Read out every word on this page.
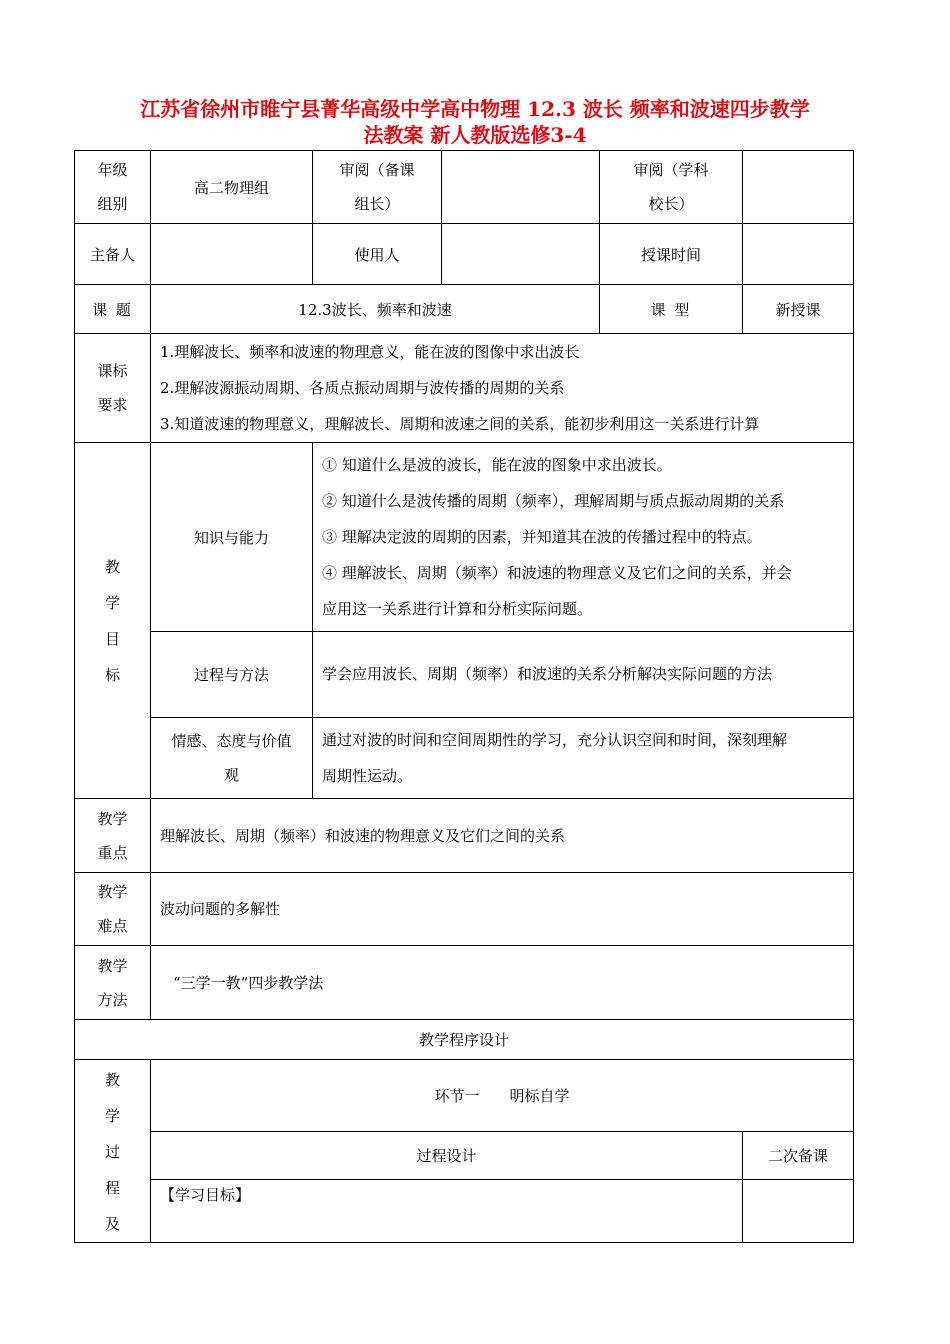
江苏省徐州市睢宁县菁华高级中学高中物理 12.3 波长 频率和波速四步教学
法教案 新人教版选修3-4
年级组别	高二物理组	审阅（备课组长）		审阅（学科校长）	

主备人		使用人		授课时间	
课 题	12.3波长、频率和波速			课 型	新授课

课标要求	1.理解波长、频率和波速的物理意义，能在波的图像中求出波长
2.理解波源振动周期、各质点振动周期与波传播的周期的关系
3.知道波速的物理意义，理解波长、周期和波速之间的关系，能初步利用这一关系进行计算				

教学目标	知识与能力	① 知道什么是波的波长，能在波的图象中求出波长。
② 知道什么是波传播的周期（频率），理解周期与质点振动周期的关系
③ 理解决定波的周期的因素，并知道其在波的传播过程中的特点。
④ 理解波长、周期（频率）和波速的物理意义及它们之间的关系，并会
应用这一关系进行计算和分析实际问题。			

	过程与方法	学会应用波长、周期（频率）和波速的关系分析解决实际问题的方法			

	情感、态度与价值观	通过对波的时间和空间周期性的学习，充分认识空间和时间，深刻理解
周期性运动。			

教学重点	理解波长、周期（频率）和波速的物理意义及它们之间的关系				

教学难点	波动问题的多解性				

教学方法	“三学一教”四步教学法				

教学程序设计					

教学过程及	环节一　　明标自学				
	过程设计				二次备课

	【学习目标】				
